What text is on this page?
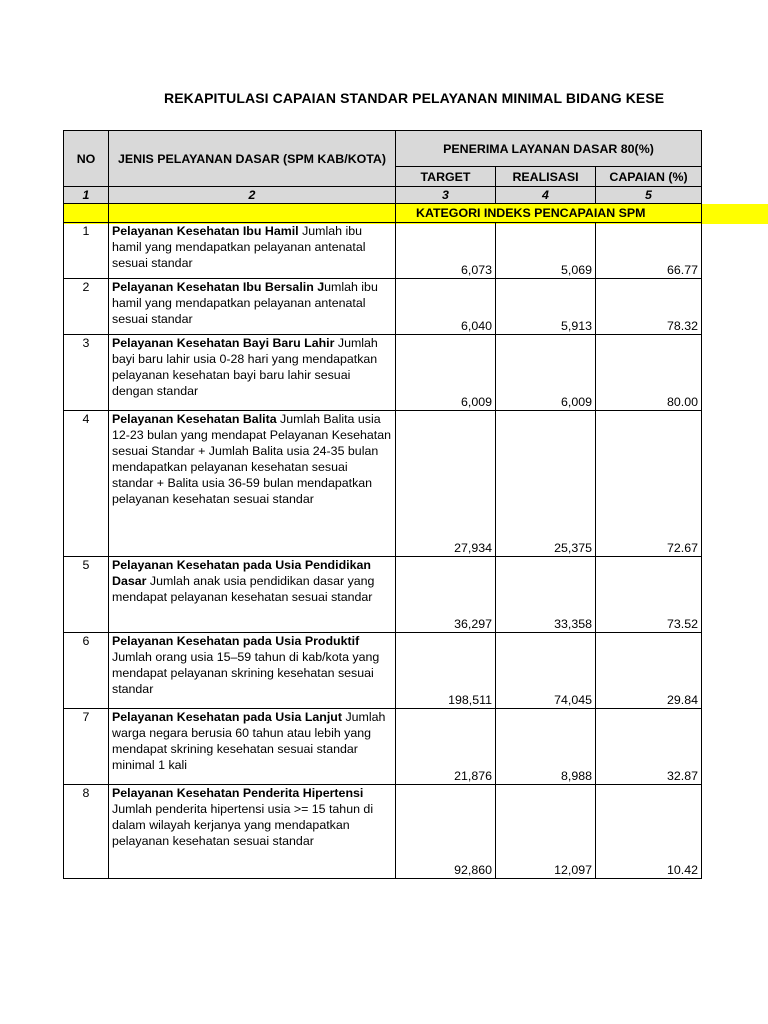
REKAPITULASI CAPAIAN STANDAR PELAYANAN MINIMAL BIDANG KESE
NO	JENIS PELAYANAN DASAR (SPM KAB/KOTA)	PENERIMA LAYANAN DASAR 80(%)		
		TARGET	REALISASI	CAPAIAN (%)
1	2	3	4	5
		KATEGORI INDEKS PENCAPAIAN SPM		
1	Pelayanan Kesehatan Ibu Hamil Jumlah ibu hamil yang mendapatkan pelayanan antenatal sesuai standar	6,073	5,069	66.77
2	Pelayanan Kesehatan Ibu Bersalin Jumlah ibu hamil yang mendapatkan pelayanan antenatal sesuai standar	6,040	5,913	78.32
3	Pelayanan Kesehatan Bayi Baru Lahir Jumlah bayi baru lahir usia 0-28 hari yang mendapatkan pelayanan kesehatan bayi baru lahir sesuai dengan standar	6,009	6,009	80.00
4	Pelayanan Kesehatan Balita Jumlah Balita usia 12-23 bulan yang mendapat Pelayanan Kesehatan sesuai Standar + Jumlah Balita usia 24-35 bulan mendapatkan pelayanan kesehatan sesuai standar + Balita usia 36-59 bulan mendapatkan pelayanan kesehatan sesuai standar	27,934	25,375	72.67
5	Pelayanan Kesehatan pada Usia Pendidikan Dasar Jumlah anak usia pendidikan dasar yang mendapat pelayanan kesehatan sesuai standar	36,297	33,358	73.52
6	Pelayanan Kesehatan pada Usia Produktif Jumlah orang usia 15–59 tahun di kab/kota yang mendapat pelayanan skrining kesehatan sesuai standar	198,511	74,045	29.84
7	Pelayanan Kesehatan pada Usia Lanjut Jumlah warga negara berusia 60 tahun atau lebih yang mendapat skrining kesehatan sesuai standar minimal 1 kali	21,876	8,988	32.87
8	Pelayanan Kesehatan Penderita Hipertensi Jumlah penderita hipertensi usia >= 15 tahun di dalam wilayah kerjanya yang mendapatkan pelayanan kesehatan sesuai standar	92,860	12,097	10.42
